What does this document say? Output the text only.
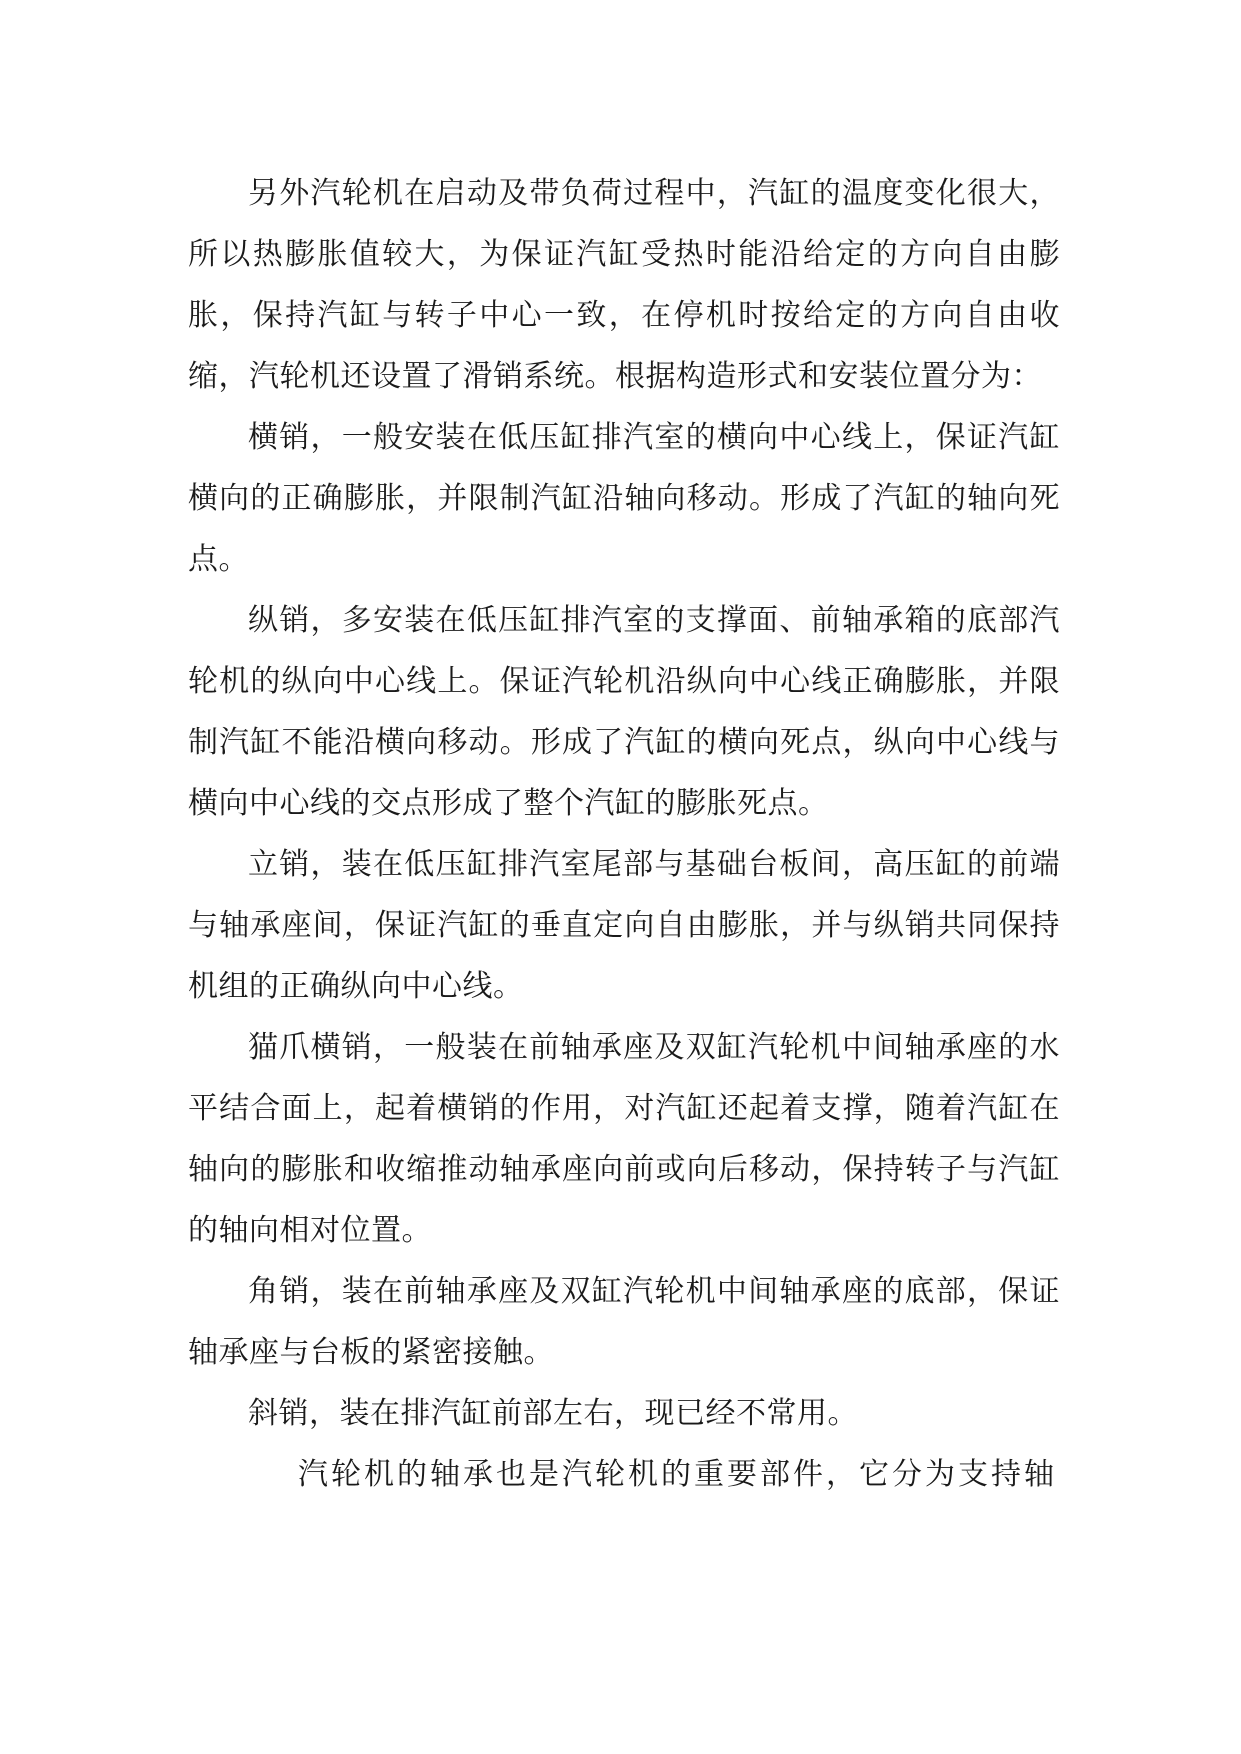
另外汽轮机在启动及带负荷过程中，汽缸的温度变化很大，所以热膨胀值较大，为保证汽缸受热时能沿给定的方向自由膨胀，保持汽缸与转子中心一致，在停机时按给定的方向自由收缩，汽轮机还设置了滑销系统。根据构造形式和安装位置分为：

横销，一般安装在低压缸排汽室的横向中心线上，保证汽缸横向的正确膨胀，并限制汽缸沿轴向移动。形成了汽缸的轴向死点。

纵销，多安装在低压缸排汽室的支撑面、前轴承箱的底部汽轮机的纵向中心线上。保证汽轮机沿纵向中心线正确膨胀，并限制汽缸不能沿横向移动。形成了汽缸的横向死点，纵向中心线与横向中心线的交点形成了整个汽缸的膨胀死点。

立销，装在低压缸排汽室尾部与基础台板间，高压缸的前端与轴承座间，保证汽缸的垂直定向自由膨胀，并与纵销共同保持机组的正确纵向中心线。

猫爪横销，一般装在前轴承座及双缸汽轮机中间轴承座的水平结合面上，起着横销的作用，对汽缸还起着支撑，随着汽缸在轴向的膨胀和收缩推动轴承座向前或向后移动，保持转子与汽缸的轴向相对位置。

角销，装在前轴承座及双缸汽轮机中间轴承座的底部，保证轴承座与台板的紧密接触。

斜销，装在排汽缸前部左右，现已经不常用。

汽轮机的轴承也是汽轮机的重要部件，它分为支持轴
